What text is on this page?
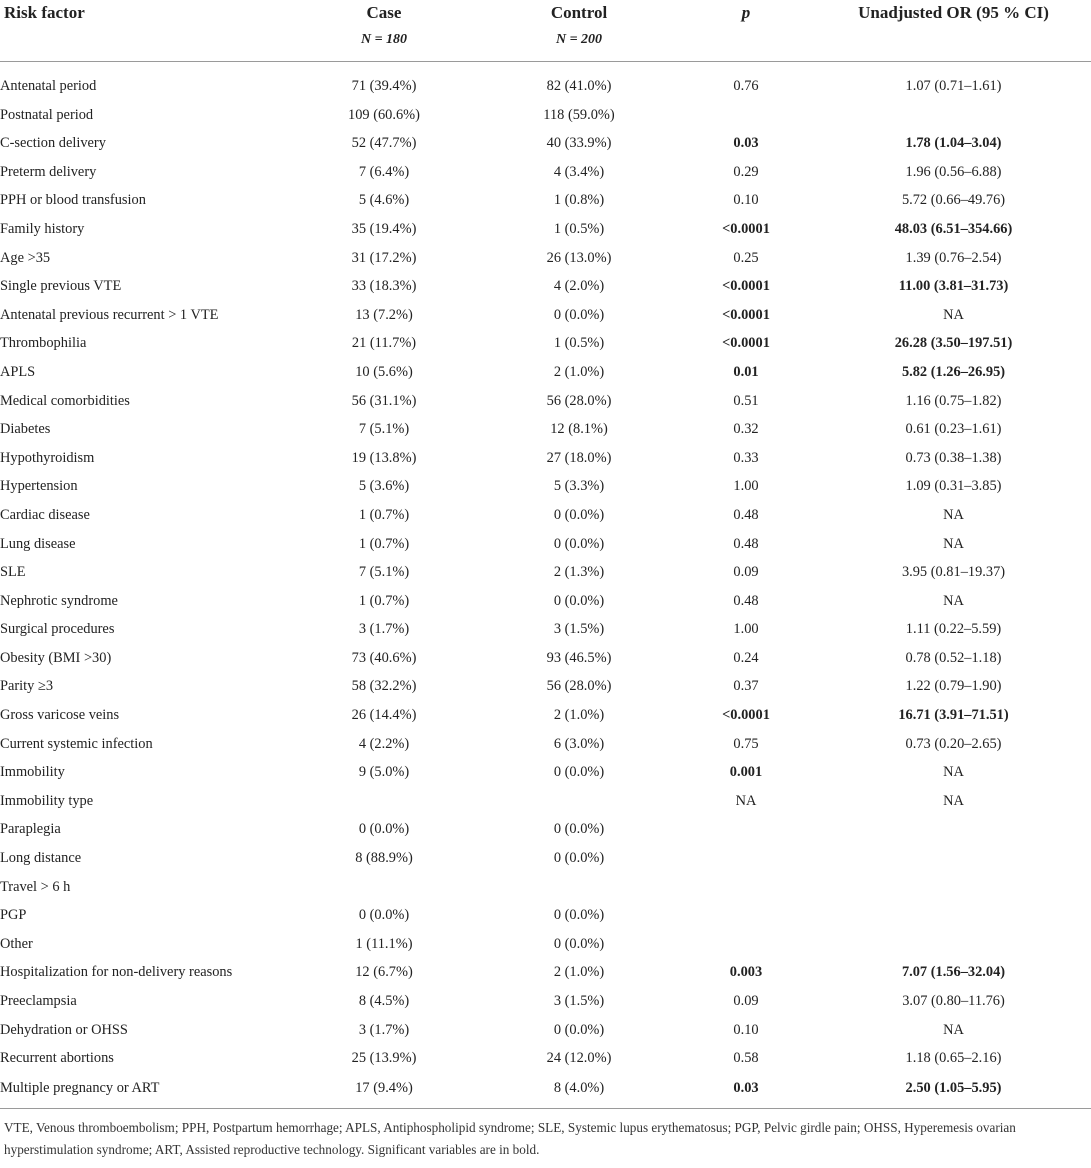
Risk factor	Case	Control	p	Unadjusted OR (95 % CI)
	N = 180	N = 200		

Antenatal period	71 (39.4%)	82 (41.0%)	0.76	1.07 (0.71–1.61)
Postnatal period	109 (60.6%)	118 (59.0%)		
C-section delivery	52 (47.7%)	40 (33.9%)	0.03	1.78 (1.04–3.04)
Preterm delivery	7 (6.4%)	4 (3.4%)	0.29	1.96 (0.56–6.88)
PPH or blood transfusion	5 (4.6%)	1 (0.8%)	0.10	5.72 (0.66–49.76)
Family history	35 (19.4%)	1 (0.5%)	<0.0001	48.03 (6.51–354.66)
Age >35	31 (17.2%)	26 (13.0%)	0.25	1.39 (0.76–2.54)
Single previous VTE	33 (18.3%)	4 (2.0%)	<0.0001	11.00 (3.81–31.73)
Antenatal previous recurrent > 1 VTE	13 (7.2%)	0 (0.0%)	<0.0001	NA
Thrombophilia	21 (11.7%)	1 (0.5%)	<0.0001	26.28 (3.50–197.51)
APLS	10 (5.6%)	2 (1.0%)	0.01	5.82 (1.26–26.95)
Medical comorbidities	56 (31.1%)	56 (28.0%)	0.51	1.16 (0.75–1.82)
Diabetes	7 (5.1%)	12 (8.1%)	0.32	0.61 (0.23–1.61)
Hypothyroidism	19 (13.8%)	27 (18.0%)	0.33	0.73 (0.38–1.38)
Hypertension	5 (3.6%)	5 (3.3%)	1.00	1.09 (0.31–3.85)
Cardiac disease	1 (0.7%)	0 (0.0%)	0.48	NA
Lung disease	1 (0.7%)	0 (0.0%)	0.48	NA
SLE	7 (5.1%)	2 (1.3%)	0.09	3.95 (0.81–19.37)
Nephrotic syndrome	1 (0.7%)	0 (0.0%)	0.48	NA
Surgical procedures	3 (1.7%)	3 (1.5%)	1.00	1.11 (0.22–5.59)
Obesity (BMI >30)	73 (40.6%)	93 (46.5%)	0.24	0.78 (0.52–1.18)
Parity ≥3	58 (32.2%)	56 (28.0%)	0.37	1.22 (0.79–1.90)
Gross varicose veins	26 (14.4%)	2 (1.0%)	<0.0001	16.71 (3.91–71.51)
Current systemic infection	4 (2.2%)	6 (3.0%)	0.75	0.73 (0.20–2.65)
Immobility	9 (5.0%)	0 (0.0%)	0.001	NA
Immobility type			NA	NA
Paraplegia	0 (0.0%)	0 (0.0%)		
Long distance	8 (88.9%)	0 (0.0%)		
Travel > 6 h				
PGP	0 (0.0%)	0 (0.0%)		
Other	1 (11.1%)	0 (0.0%)		
Hospitalization for non-delivery reasons	12 (6.7%)	2 (1.0%)	0.003	7.07 (1.56–32.04)
Preeclampsia	8 (4.5%)	3 (1.5%)	0.09	3.07 (0.80–11.76)
Dehydration or OHSS	3 (1.7%)	0 (0.0%)	0.10	NA
Recurrent abortions	25 (13.9%)	24 (12.0%)	0.58	1.18 (0.65–2.16)
Multiple pregnancy or ART	17 (9.4%)	8 (4.0%)	0.03	2.50 (1.05–5.95)
VTE, Venous thromboembolism; PPH, Postpartum hemorrhage; APLS, Antiphospholipid syndrome; SLE, Systemic lupus erythematosus; PGP, Pelvic girdle pain; OHSS, Hyperemesis ovarian hyperstimulation syndrome; ART, Assisted reproductive technology. Significant variables are in bold.
